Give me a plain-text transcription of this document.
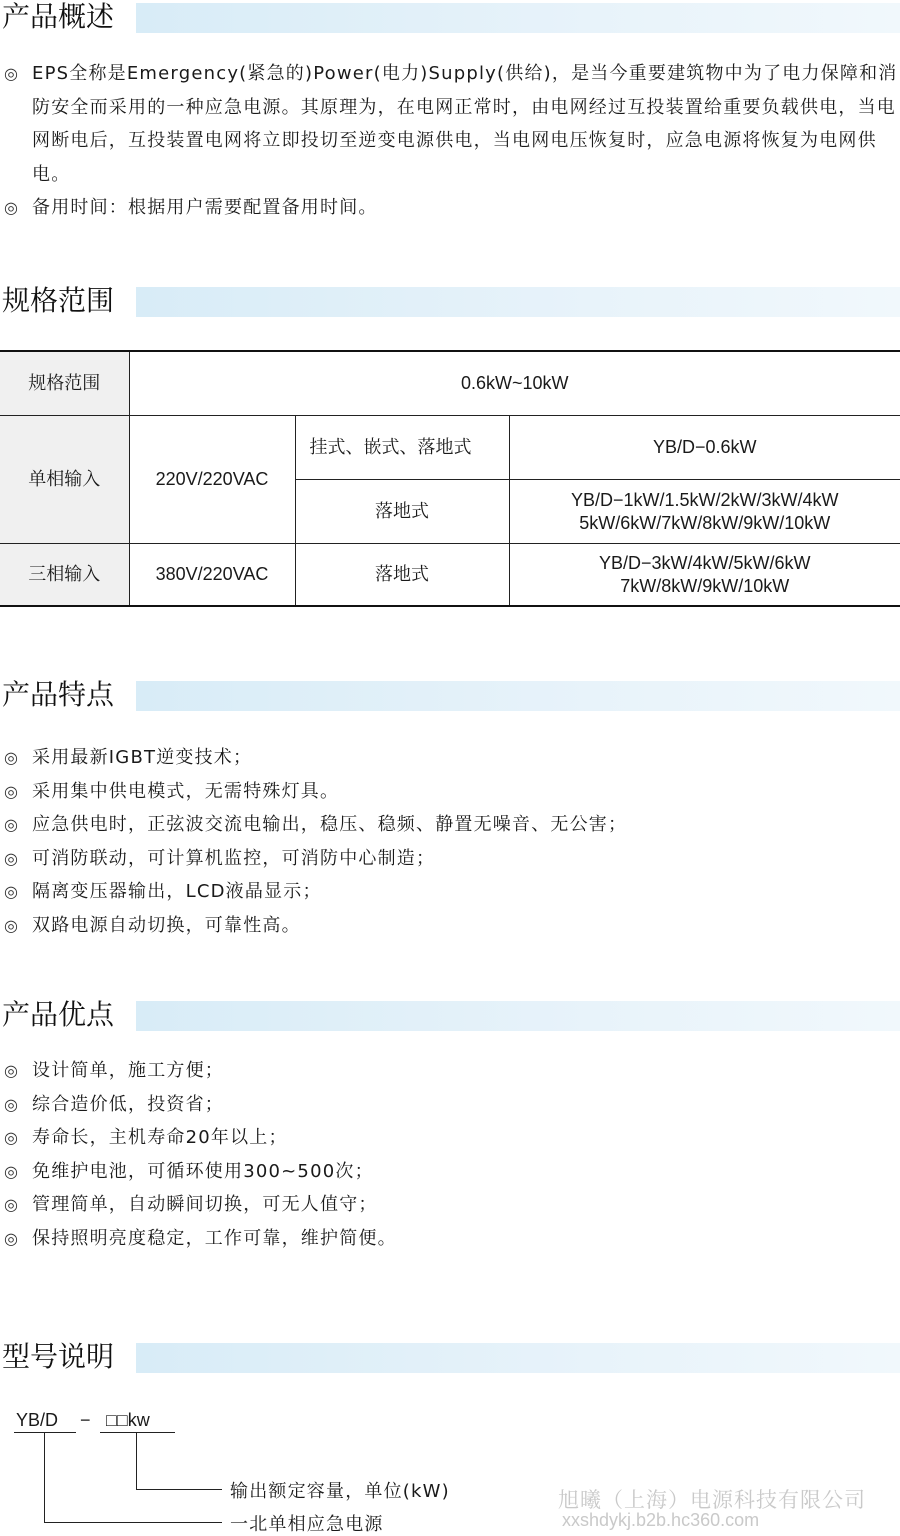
产品概述
◎ EPS全称是Emergency(紧急的)Power(电力)Supply(供给)，是当今重要建筑物中为了电力保障和消防安全而采用的一种应急电源。其原理为，在电网正常时，由电网经过互投装置给重要负载供电，当电网断电后，互投装置电网将立即投切至逆变电源供电，当电网电压恢复时，应急电源将恢复为电网供电。
◎ 备用时间：根据用户需要配置备用时间。
规格范围
规格范围	0.6kW~10kW		
单相输入	220V/220VAC	挂式、嵌式、落地式	YB/D−0.6kW
		落地式	YB/D−1kW/1.5kW/2kW/3kW/4kW
5kW/6kW/7kW/8kW/9kW/10kW

三相输入	380V/220VAC	落地式	YB/D−3kW/4kW/5kW/6kW
7kW/8kW/9kW/10kW
产品特点
◎ 采用最新IGBT逆变技术；
◎ 采用集中供电模式，无需特殊灯具。
◎ 应急供电时，正弦波交流电输出，稳压、稳频、静置无噪音、无公害；
◎ 可消防联动，可计算机监控，可消防中心制造；
◎ 隔离变压器输出，LCD液晶显示；
◎ 双路电源自动切换，可靠性高。
产品优点
◎ 设计简单，施工方便；
◎ 综合造价低，投资省；
◎ 寿命长，主机寿命20年以上；
◎ 免维护电池，可循环使用300~500次；
◎ 管理简单，自动瞬间切换，可无人值守；
◎ 保持照明亮度稳定，工作可靠，维护简便。
型号说明
YB/D − □□kw
输出额定容量，单位(kW)
一北单相应急电源
旭曦（上海）电源科技有限公司
xxshdykj.b2b.hc360.com
